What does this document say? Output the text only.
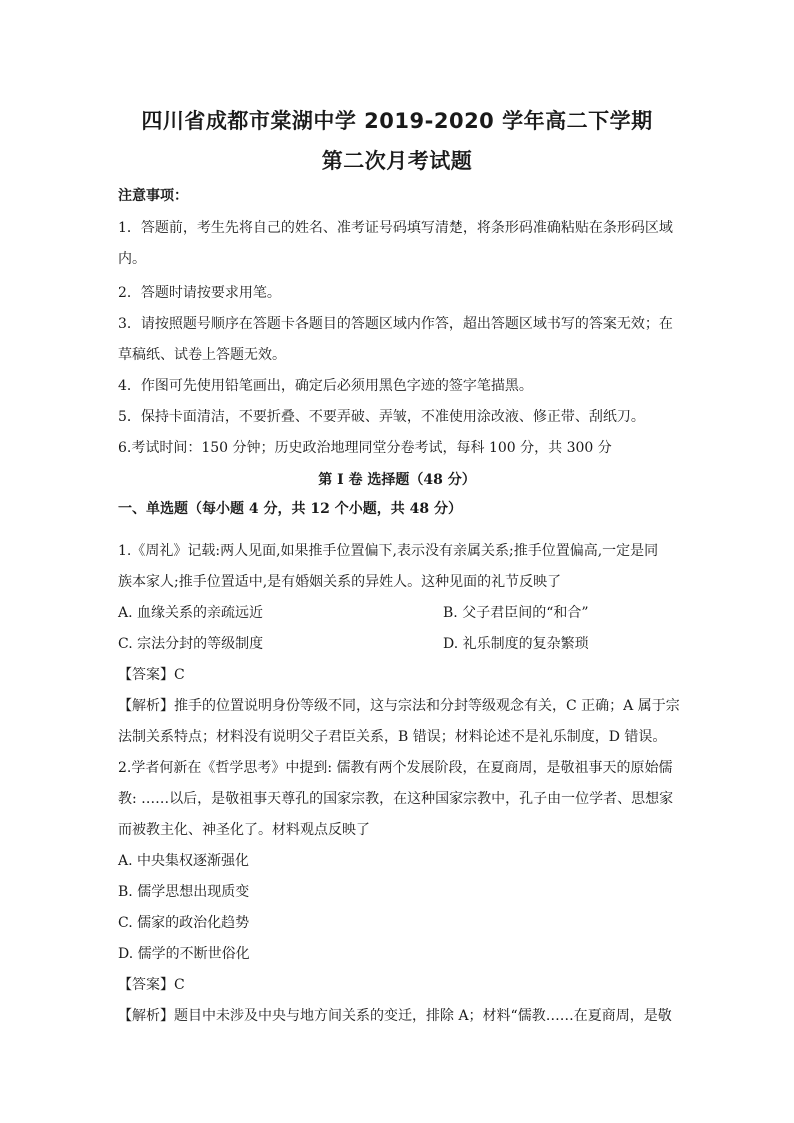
四川省成都市棠湖中学 2019-2020 学年高二下学期
第二次月考试题
注意事项：
1．答题前，考生先将自己的姓名、准考证号码填写清楚，将条形码准确粘贴在条形码区域
内。
2．答题时请按要求用笔。
3．请按照题号顺序在答题卡各题目的答题区域内作答，超出答题区域书写的答案无效；在
草稿纸、试卷上答题无效。
4．作图可先使用铅笔画出，确定后必须用黑色字迹的签字笔描黑。
5．保持卡面清洁，不要折叠、不要弄破、弄皱，不准使用涂改液、修正带、刮纸刀。
6.考试时间：150 分钟；历史政治地理同堂分卷考试，每科 100 分，共 300 分
第 I 卷 选择题（48 分）
一、单选题（每小题 4 分，共 12 个小题，共 48 分）
1.《周礼》记载:两人见面,如果推手位置偏下,表示没有亲属关系;推手位置偏高,一定是同
族本家人;推手位置适中,是有婚姻关系的异姓人。这种见面的礼节反映了
A. 血缘关系的亲疏远近	B. 父子君臣间的“和合”
C. 宗法分封的等级制度	D. 礼乐制度的复杂繁琐
【答案】C
【解析】推手的位置说明身份等级不同，这与宗法和分封等级观念有关，C 正确；A 属于宗
法制关系特点；材料没有说明父子君臣关系，B 错误；材料论述不是礼乐制度，D 错误。
2.学者何新在《哲学思考》中提到: 儒教有两个发展阶段，在夏商周，是敬祖事天的原始儒
教: ……以后，是敬祖事天尊孔的国家宗教，在这种国家宗教中，孔子由一位学者、思想家
而被教主化、神圣化了。材料观点反映了
A. 中央集权逐渐强化
B. 儒学思想出现质变
C. 儒家的政治化趋势
D. 儒学的不断世俗化
【答案】C
【解析】题目中未涉及中央与地方间关系的变迁，排除 A；材料“儒教……在夏商周，是敬
